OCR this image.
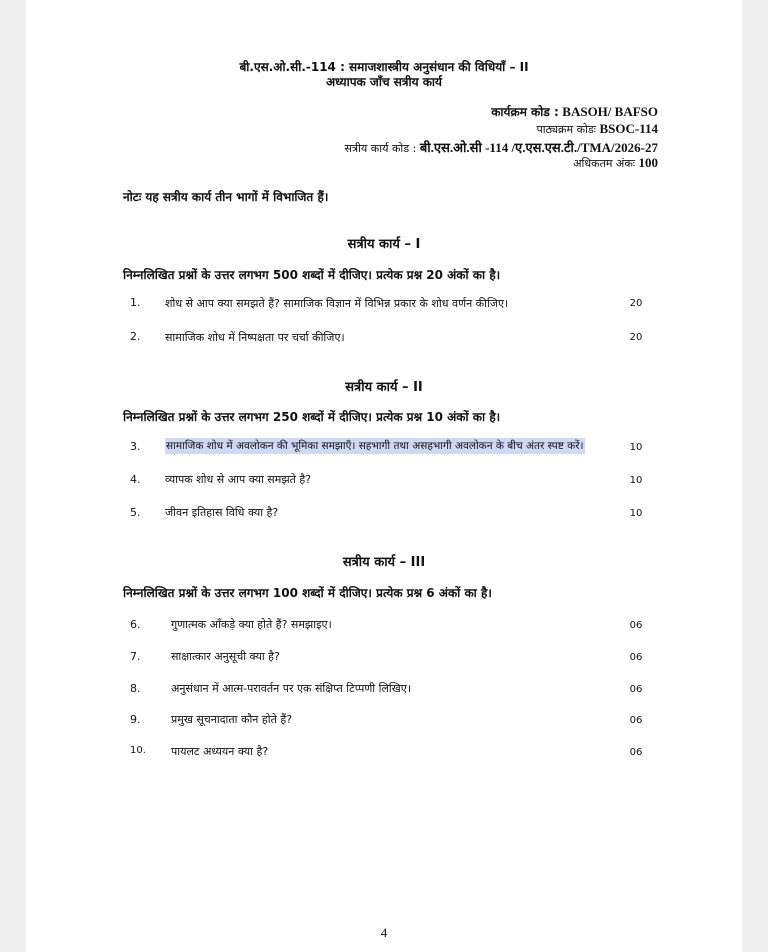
बी.एस.ओ.सी.-114 : समाजशास्त्रीय अनुसंधान की विधियाँ – II
अध्यापक जाँच सत्रीय कार्य
कार्यक्रम कोड : BASOH/ BAFSO
पाठ्यक्रम कोडः BSOC-114
सत्रीय कार्य कोड : बी.एस.ओ.सी -114 /ए.एस.एस.टी./TMA/2026-27
अधिकतम अंकः 100
नोटः यह सत्रीय कार्य तीन भागों में विभाजित हैं।
सत्रीय कार्य – I
निम्नलिखित प्रश्नों के उत्तर लगभग 500 शब्दों में दीजिए। प्रत्येक प्रश्न 20 अंकों का है।
1. शोध से आप क्या समझते हैं? सामाजिक विज्ञान में विभिन्न प्रकार के शोध वर्णन कीजिए।	20
2. सामाजिक शोध में निष्पक्षता पर चर्चा कीजिए।	20
सत्रीय कार्य – II
निम्नलिखित प्रश्नों के उत्तर लगभग 250 शब्दों में दीजिए। प्रत्येक प्रश्न 10 अंकों का है।
3. सामाजिक शोध में अवलोकन की भूमिका समझाएँ। सहभागी तथा असहभागी अवलोकन के बीच अंतर स्पष्ट करें।	10
4. व्यापक शोध से आप क्या समझते है?	10
5. जीवन इतिहास विधि क्या है?	10
सत्रीय कार्य – III
निम्नलिखित प्रश्नों के उत्तर लगभग 100 शब्दों में दीजिए। प्रत्येक प्रश्न 6 अंकों का है।
6.	गुणात्मक आँकड़े क्या होते हैं? समझाइए।	06
7.	साक्षात्कार अनुसूची क्या है?	06
8.	अनुसंधान में आत्म-परावर्तन पर एक संक्षिप्त टिप्पणी लिखिए।	06
9.	प्रमुख सूचनादाता कौन होते हैं?	06
10. पायलट अध्ययन क्या है?	06
4
